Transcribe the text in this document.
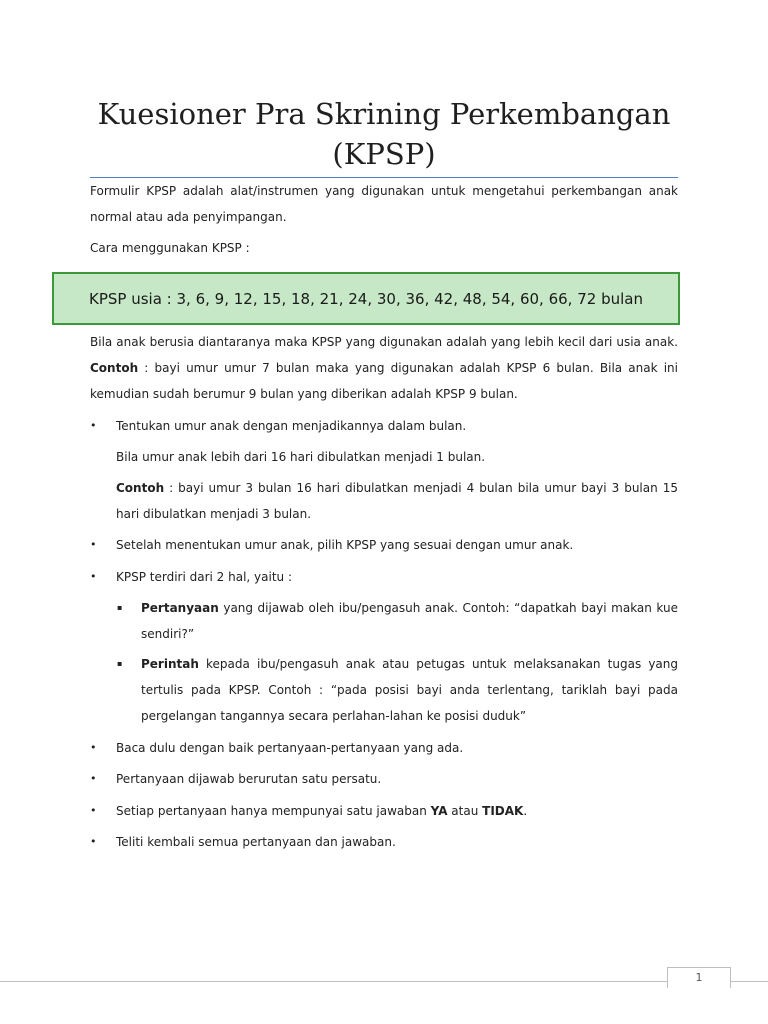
Kuesioner Pra Skrining Perkembangan (KPSP)

Formulir KPSP adalah alat/instrumen yang digunakan untuk mengetahui perkembangan anak normal atau ada penyimpangan.

Cara menggunakan KPSP :

KPSP usia : 3, 6, 9, 12, 15, 18, 21, 24, 30, 36, 42, 48, 54, 60, 66, 72 bulan

Bila anak berusia diantaranya maka KPSP yang digunakan adalah yang lebih kecil dari usia anak. Contoh : bayi umur umur 7 bulan maka yang digunakan adalah KPSP 6 bulan. Bila anak ini kemudian sudah berumur 9 bulan yang diberikan adalah KPSP 9 bulan.

• Tentukan umur anak dengan menjadikannya dalam bulan.

Bila umur anak lebih dari 16 hari dibulatkan menjadi 1 bulan.

Contoh : bayi umur 3 bulan 16 hari dibulatkan menjadi 4 bulan bila umur bayi 3 bulan 15 hari dibulatkan menjadi 3 bulan.

• Setelah menentukan umur anak, pilih KPSP yang sesuai dengan umur anak.

• KPSP terdiri dari 2 hal, yaitu :

▪ Pertanyaan yang dijawab oleh ibu/pengasuh anak. Contoh: “dapatkah bayi makan kue sendiri?”

▪ Perintah kepada ibu/pengasuh anak atau petugas untuk melaksanakan tugas yang tertulis pada KPSP. Contoh : “pada posisi bayi anda terlentang, tariklah bayi pada pergelangan tangannya secara perlahan-lahan ke posisi duduk”

• Baca dulu dengan baik pertanyaan-pertanyaan yang ada.

• Pertanyaan dijawab berurutan satu persatu.

• Setiap pertanyaan hanya mempunyai satu jawaban YA atau TIDAK.

• Teliti kembali semua pertanyaan dan jawaban.

1
